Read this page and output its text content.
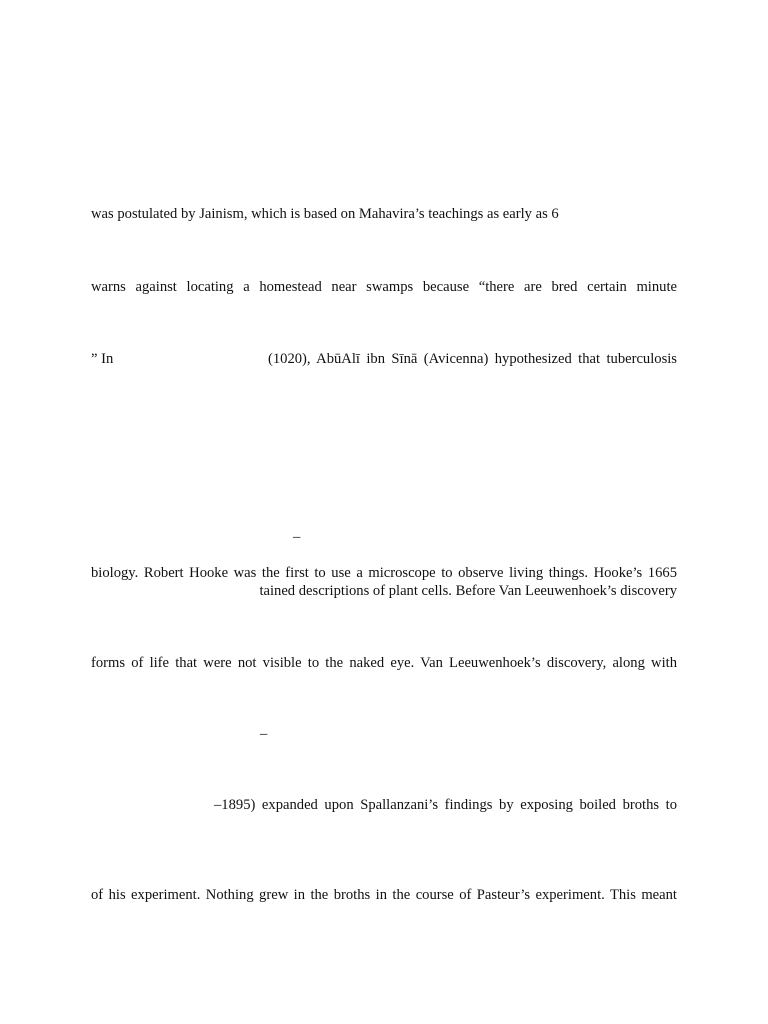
was postulated by Jainism, which is based on Mahavira’s teachings as early as 6
warns against locating a homestead near swamps because “there are bred certain minute
” In	(1020), AbūAlī ibn Sīnā (Avicenna) hypothesized that tuberculosis
–
biology. Robert Hooke was the first to use a microscope to observe living things. Hooke’s 1665
tained descriptions of plant cells. Before Van Leeuwenhoek’s discovery
forms of life that were not visible to the naked eye. Van Leeuwenhoek’s discovery, along with
–
–1895) expanded upon Spallanzani’s findings by exposing boiled broths to
of his experiment. Nothing grew in the broths in the course of Pasteur’s experiment. This meant
